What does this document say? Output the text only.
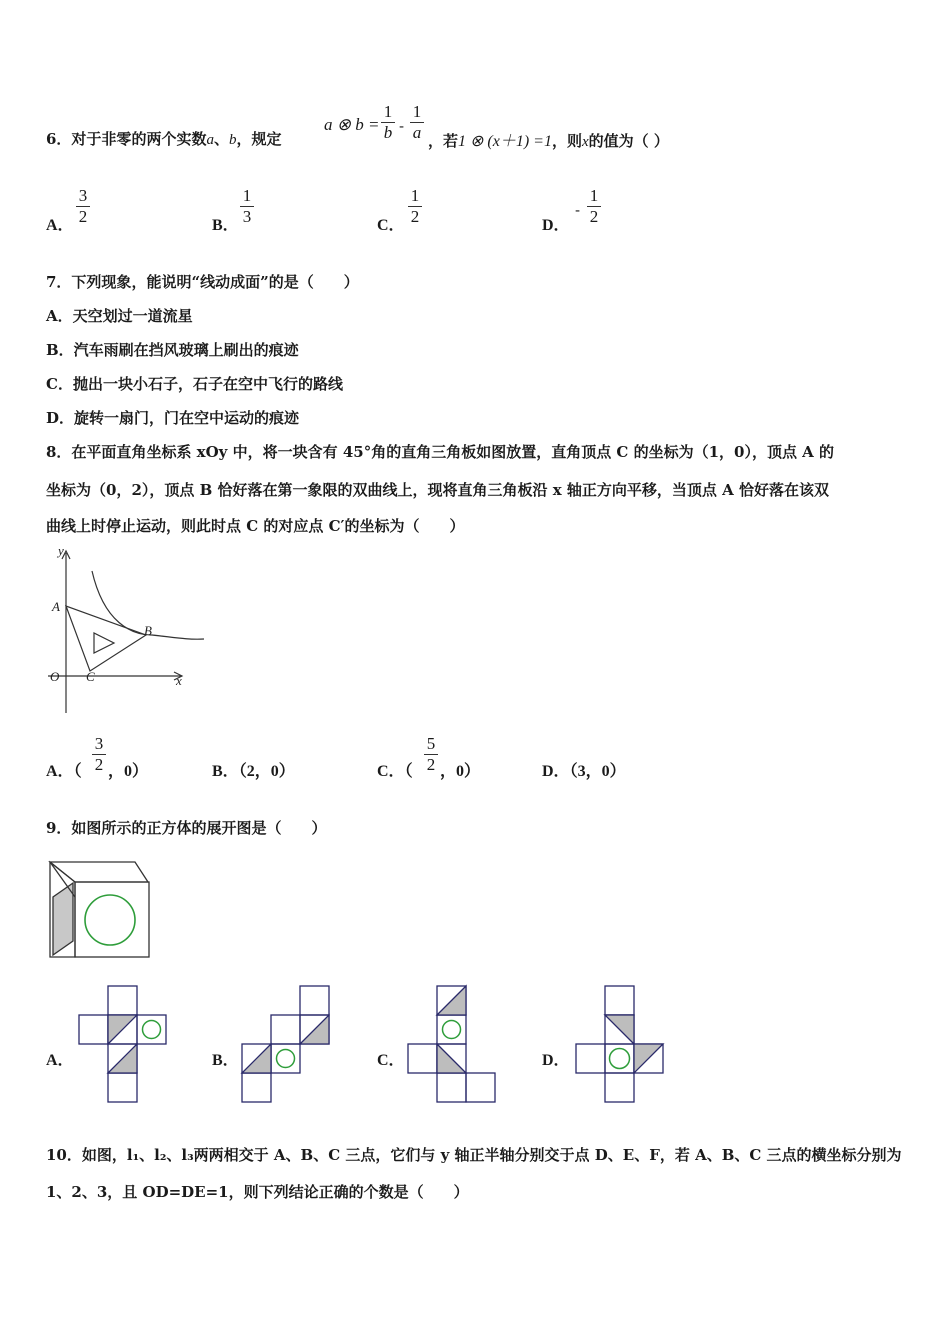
6．对于非零的两个实数a、b，规定
a ⊗ b =
1
b -
1
a ，若1 ⊗ (x＋1) =1，则x的值为（ ）
A．
3
2	B．
1
3	C．
1
2	D．
-
1
2
7．下列现象，能说明“线动成面”的是（　　）
A．天空划过一道流星
B．汽车雨刷在挡风玻璃上刷出的痕迹
C．抛出一块小石子，石子在空中飞行的路线
D．旋转一扇门，门在空中运动的痕迹
8．在平面直角坐标系 xOy 中，将一块含有 45°角的直角三角板如图放置，直角顶点 C 的坐标为（1，0），顶点 A 的
坐标为（0，2），顶点 B 恰好落在第一象限的双曲线上，现将直角三角板沿 x 轴正方向平移，当顶点 A 恰好落在该双
曲线上时停止运动，则此时点 C 的对应点 C′的坐标为（　　）
y
x
A
B
O C
A．（
3
2 ，0）	B．（2，0）	C．（
5
2 ，0）	D．（3，0）
9．如图所示的正方体的展开图是（　　）
A．	B．	C．	D．
10．如图，l₁、l₂、l₃两两相交于 A、B、C 三点，它们与 y 轴正半轴分别交于点 D、E、F，若 A、B、C 三点的横坐标分别为
1、2、3，且 OD=DE=1，则下列结论正确的个数是（　　）
